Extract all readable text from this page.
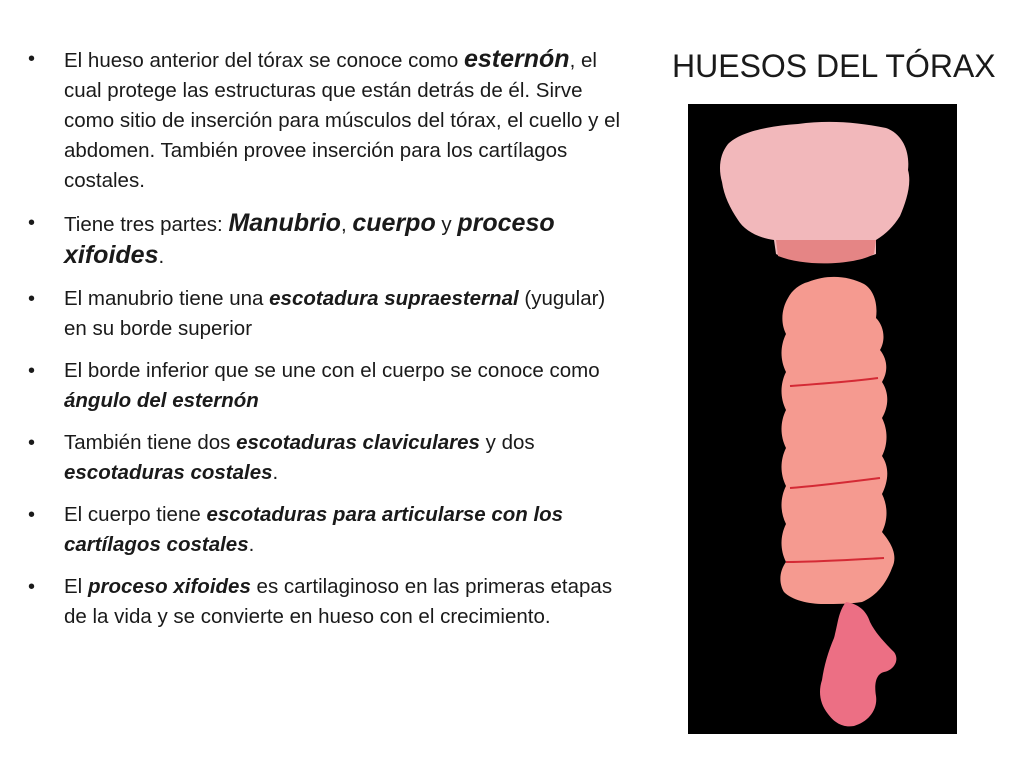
HUESOS DEL TÓRAX
• El hueso anterior del tórax se conoce como esternón, el cual protege las estructuras que están detrás de él. Sirve como sitio de inserción para músculos del tórax, el cuello y el abdomen. También provee inserción para los cartílagos costales.
• Tiene tres partes: Manubrio, cuerpo y proceso xifoides.
• El manubrio tiene una escotadura supraesternal (yugular) en su borde superior
• El borde inferior que se une con el cuerpo se conoce como ángulo del esternón
• También tiene dos escotaduras claviculares y dos escotaduras costales.
• El cuerpo tiene escotaduras para articularse con los cartílagos costales.
• El proceso xifoides es cartilaginoso en las primeras etapas de la vida y se convierte en hueso con el crecimiento.
